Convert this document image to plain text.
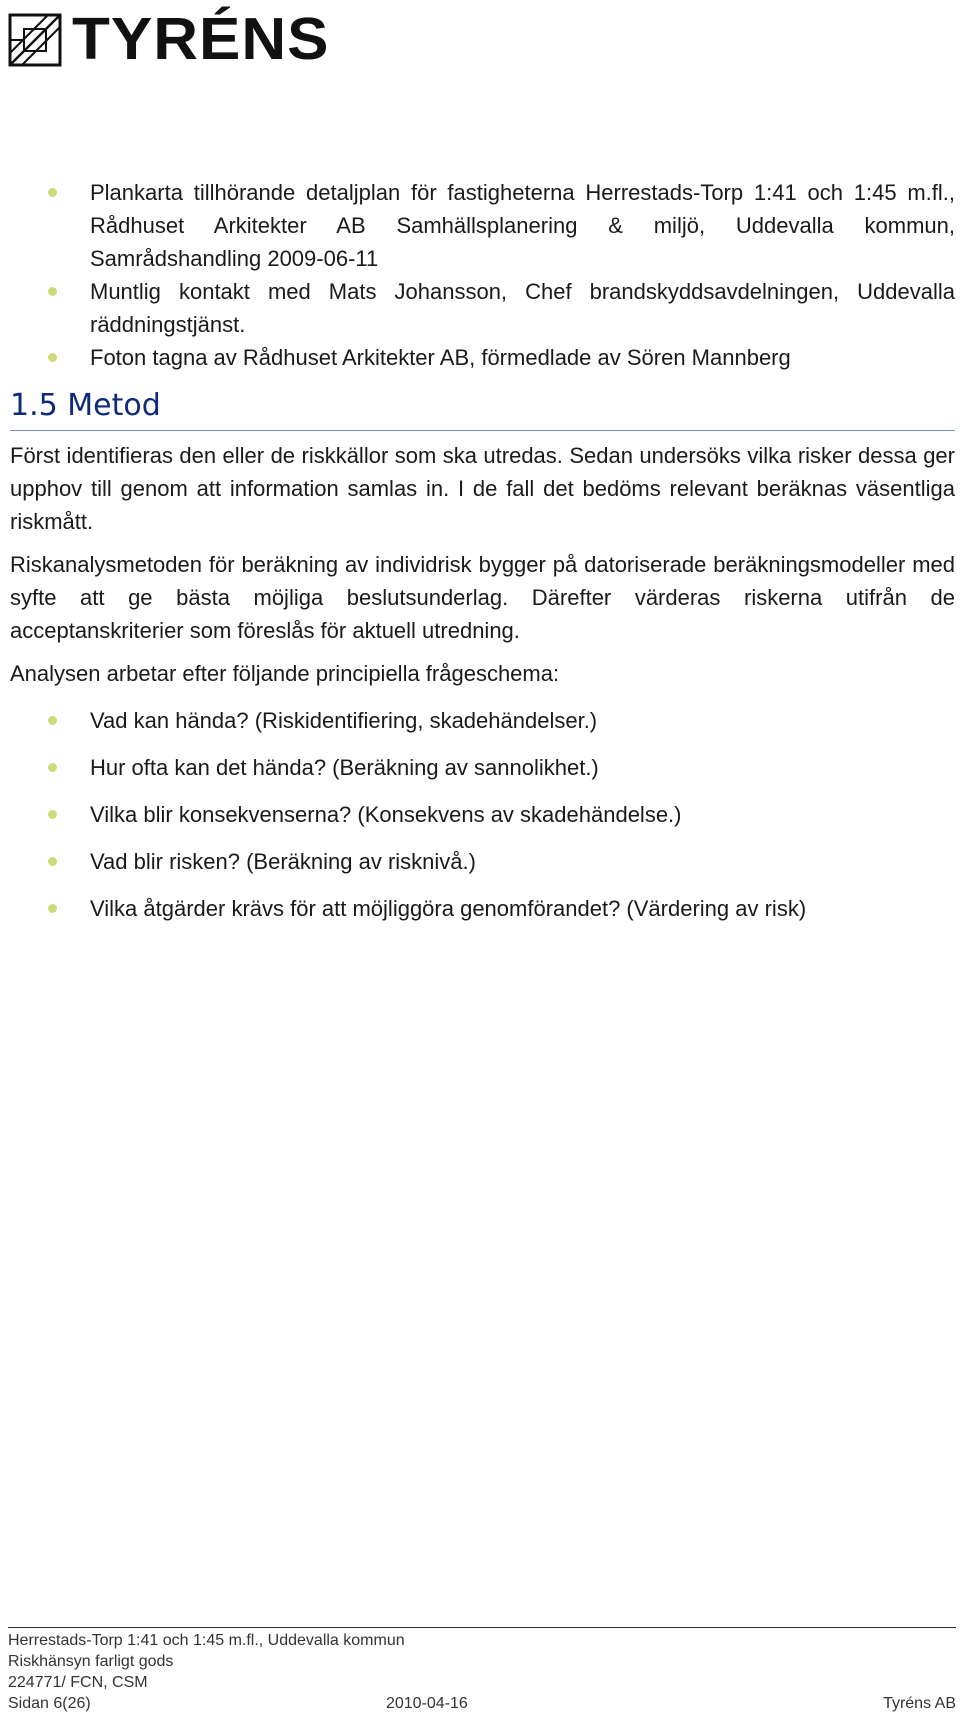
TYRÉNS
Plankarta tillhörande detaljplan för fastigheterna Herrestads-Torp 1:41 och 1:45 m.fl., Rådhuset Arkitekter AB Samhällsplanering & miljö, Uddevalla kommun, Samrådshandling 2009-06-11
Muntlig kontakt med Mats Johansson, Chef brandskyddsavdelningen, Uddevalla räddningstjänst.
Foton tagna av Rådhuset Arkitekter AB, förmedlade av Sören Mannberg
1.5 Metod

Först identifieras den eller de riskkällor som ska utredas. Sedan undersöks vilka risker dessa ger upphov till genom att information samlas in. I de fall det bedöms relevant beräknas väsentliga riskmått.

Riskanalysmetoden för beräkning av individrisk bygger på datoriserade beräkningsmodeller med syfte att ge bästa möjliga beslutsunderlag. Därefter värderas riskerna utifrån de acceptanskriterier som föreslås för aktuell utredning.

Analysen arbetar efter följande principiella frågeschema:

Vad kan hända? (Riskidentifiering, skadehändelser.)
Hur ofta kan det hända? (Beräkning av sannolikhet.)
Vilka blir konsekvenserna? (Konsekvens av skadehändelse.)
Vad blir risken? (Beräkning av risknivå.)
Vilka åtgärder krävs för att möjliggöra genomförandet? (Värdering av risk)
Herrestads-Torp 1:41 och 1:45 m.fl., Uddevalla kommun
Riskhänsyn farligt gods
224771/ FCN, CSM
Sidan 6(26)	2010-04-16	Tyréns AB
